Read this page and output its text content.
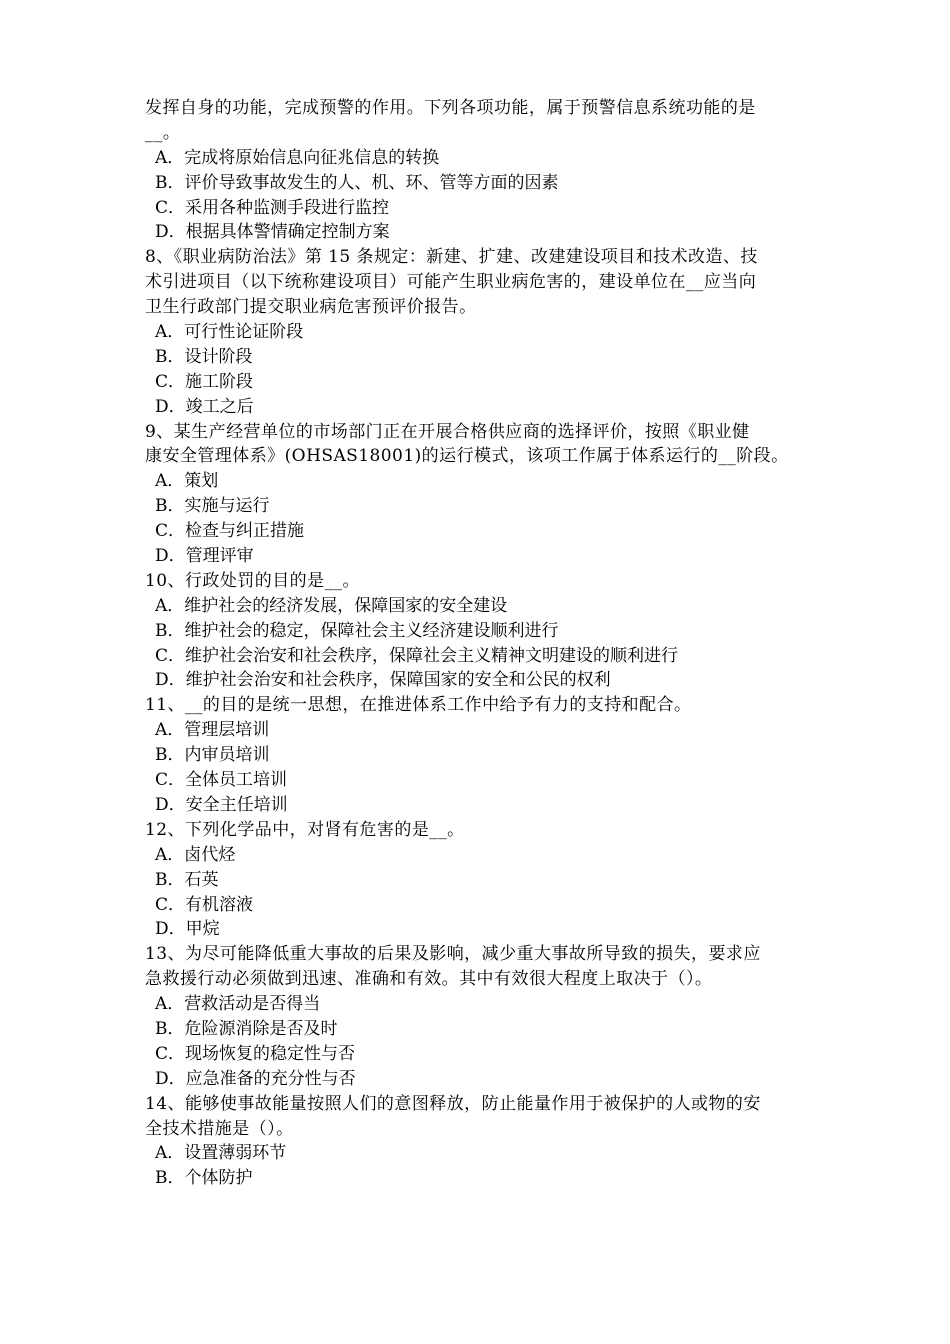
发挥自身的功能，完成预警的作用。下列各项功能，属于预警信息系统功能的是
__。
A．完成将原始信息向征兆信息的转换
B．评价导致事故发生的人、机、环、管等方面的因素
C．采用各种监测手段进行监控
D．根据具体警情确定控制方案
8、《职业病防治法》第 15 条规定：新建、扩建、改建建设项目和技术改造、技
术引进项目（以下统称建设项目）可能产生职业病危害的，建设单位在__应当向
卫生行政部门提交职业病危害预评价报告。
A．可行性论证阶段
B．设计阶段
C．施工阶段
D．竣工之后
9、某生产经营单位的市场部门正在开展合格供应商的选择评价，按照《职业健
康安全管理体系》(OHSAS18001)的运行模式，该项工作属于体系运行的__阶段。
A．策划
B．实施与运行
C．检查与纠正措施
D．管理评审
10、行政处罚的目的是__。
A．维护社会的经济发展，保障国家的安全建设
B．维护社会的稳定，保障社会主义经济建设顺利进行
C．维护社会治安和社会秩序，保障社会主义精神文明建设的顺利进行
D．维护社会治安和社会秩序，保障国家的安全和公民的权利
11、__的目的是统一思想，在推进体系工作中给予有力的支持和配合。
A．管理层培训
B．内审员培训
C．全体员工培训
D．安全主任培训
12、下列化学品中，对肾有危害的是__。
A．卤代烃
B．石英
C．有机溶液
D．甲烷
13、为尽可能降低重大事故的后果及影响，减少重大事故所导致的损失，要求应
急救援行动必须做到迅速、准确和有效。其中有效很大程度上取决于（）。
A．营救活动是否得当
B．危险源消除是否及时
C．现场恢复的稳定性与否
D．应急准备的充分性与否
14、能够使事故能量按照人们的意图释放，防止能量作用于被保护的人或物的安
全技术措施是（）。
A．设置薄弱环节
B．个体防护
